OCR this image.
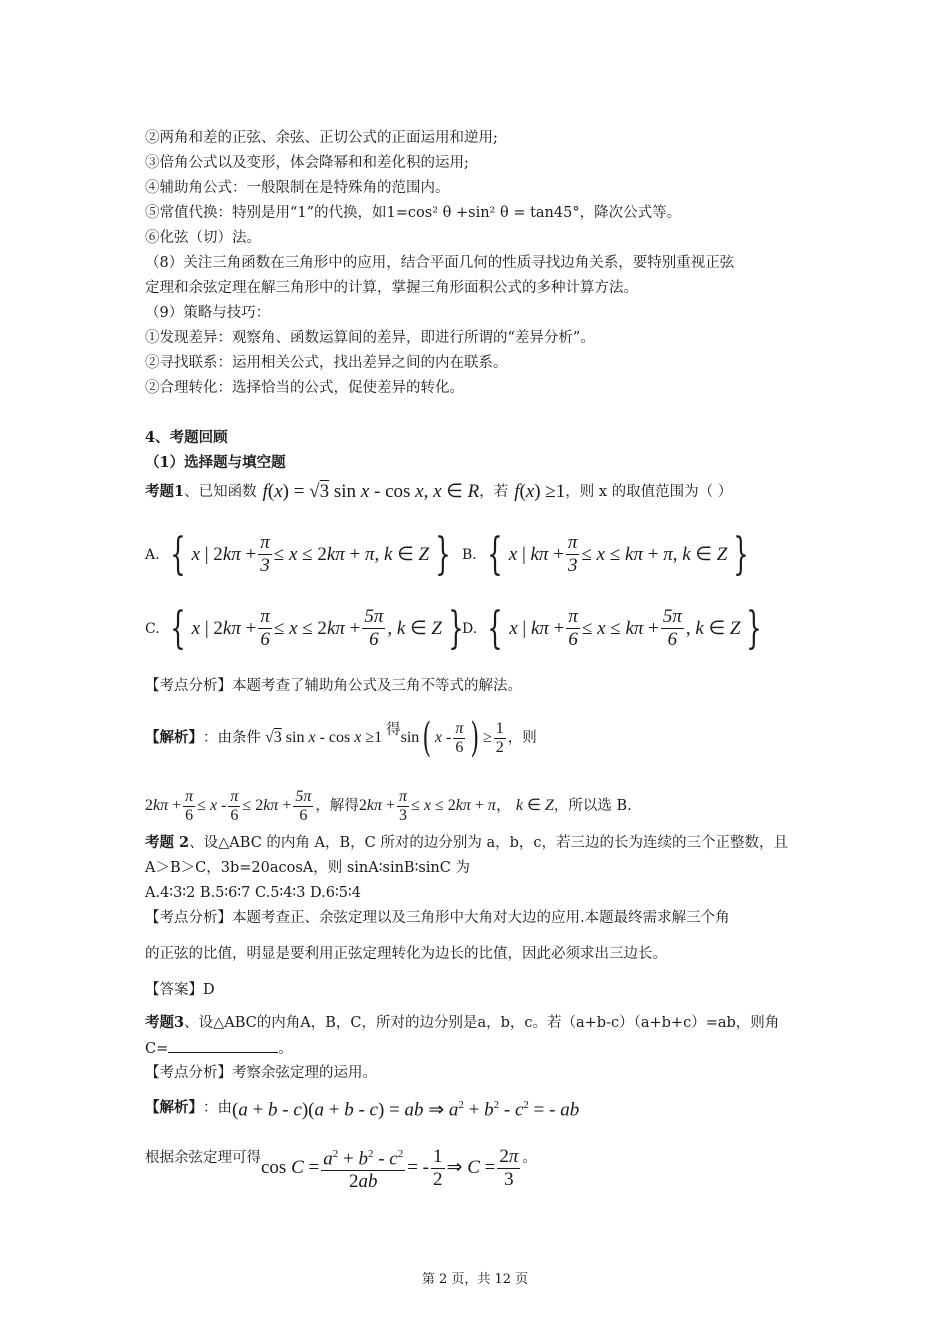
②两角和差的正弦、余弦、正切公式的正面运用和逆用;
③倍角公式以及变形，体会降幂和和差化积的运用;
④辅助角公式：一般限制在是特殊角的范围内。
⑤常值代换：特别是用“1”的代换，如1=cos² θ +sin² θ = tan45°，降次公式等。
⑥化弦（切）法。
（8）关注三角函数在三角形中的应用，结合平面几何的性质寻找边角关系，要特别重视正弦
定理和余弦定理在解三角形中的计算，掌握三角形面积公式的多种计算方法。
（9）策略与技巧：
①发现差异：观察角、函数运算间的差异，即进行所谓的“差异分析”。
②寻找联系：运用相关公式，找出差异之间的内在联系。
②合理转化：选择恰当的公式，促使差异的转化。
4、考题回顾
（1）选择题与填空题
考题1 、已知函数 f ( x ) = √3 sin x - cos x , x ∈ R ，若 f ( x ) ≥1 ，则 x 的取值范围为（ ）
A. { x | 2 $k\pi + \frac{\pi}{3} \le x \le 2$ kπ + π , k ∈ Z } B. { x | $k\pi + \frac{\pi}{3} \le x \le k\pi + \pi$ , k ∈ Z }
C. { x | 2 $k\pi + \frac{\pi}{6} \le x \le 2$ $k\pi + \frac{5\pi}{6}$ , k ∈ Z }
D. { x | $k\pi + \frac{\pi}{6} \le x \le k\pi + \frac{5\pi}{6}$ , k ∈ Z }
【考点分析】本题考查了辅助角公式及三角不等式的解法。
【解析】 ：由条件 √3 sin x - cos x ≥1 得 sin ( x - $\frac{\pi}{6}$ ) ≥ $\frac{1}{2}$ ，则
$2k\pi + \frac{\pi}{6} \le x - \frac{\pi}{6} \le 2k\pi + \frac{5\pi}{6}$ ，解得 $2k\pi + \frac{\pi}{3} \le x \le 2k\pi + \pi$， k ∈ Z ，所以选 B.
考题 2、设△ABC 的内角 A，B，C 所对的边分别为 a，b，c，若三边的长为连续的三个正整数，且
A＞B＞C，3b=20acosA，则 sinA∶sinB∶sinC 为
A.4∶3∶2 B.5∶6∶7 C.5∶4∶3 D.6∶5∶4
【考点分析】本题考查正、余弦定理以及三角形中大角对大边的应用.本题最终需求解三个角
的正弦的比值，明显是要利用正弦定理转化为边长的比值，因此必须求出三边长。
【答案】D
考题3、设△ABC的内角A，B，C，所对的边分别是a，b，c。若（a+b-c）（a+b+c）=ab，则角
C=	。
【考点分析】考察余弦定理的运用。
【解析】 ：由 (a + b - c)(a + b - c) = ab ⇒ $a^2 + b^2 - c^2$ = - ab
根据余弦定理可得 $\cos C = \frac{a^2 + b^2 - c^2}{2ab}$ = - $\frac{1}{2}$ ⇒ $C = \frac{2\pi}{3}$ 。
第 2 页，共 12 页
